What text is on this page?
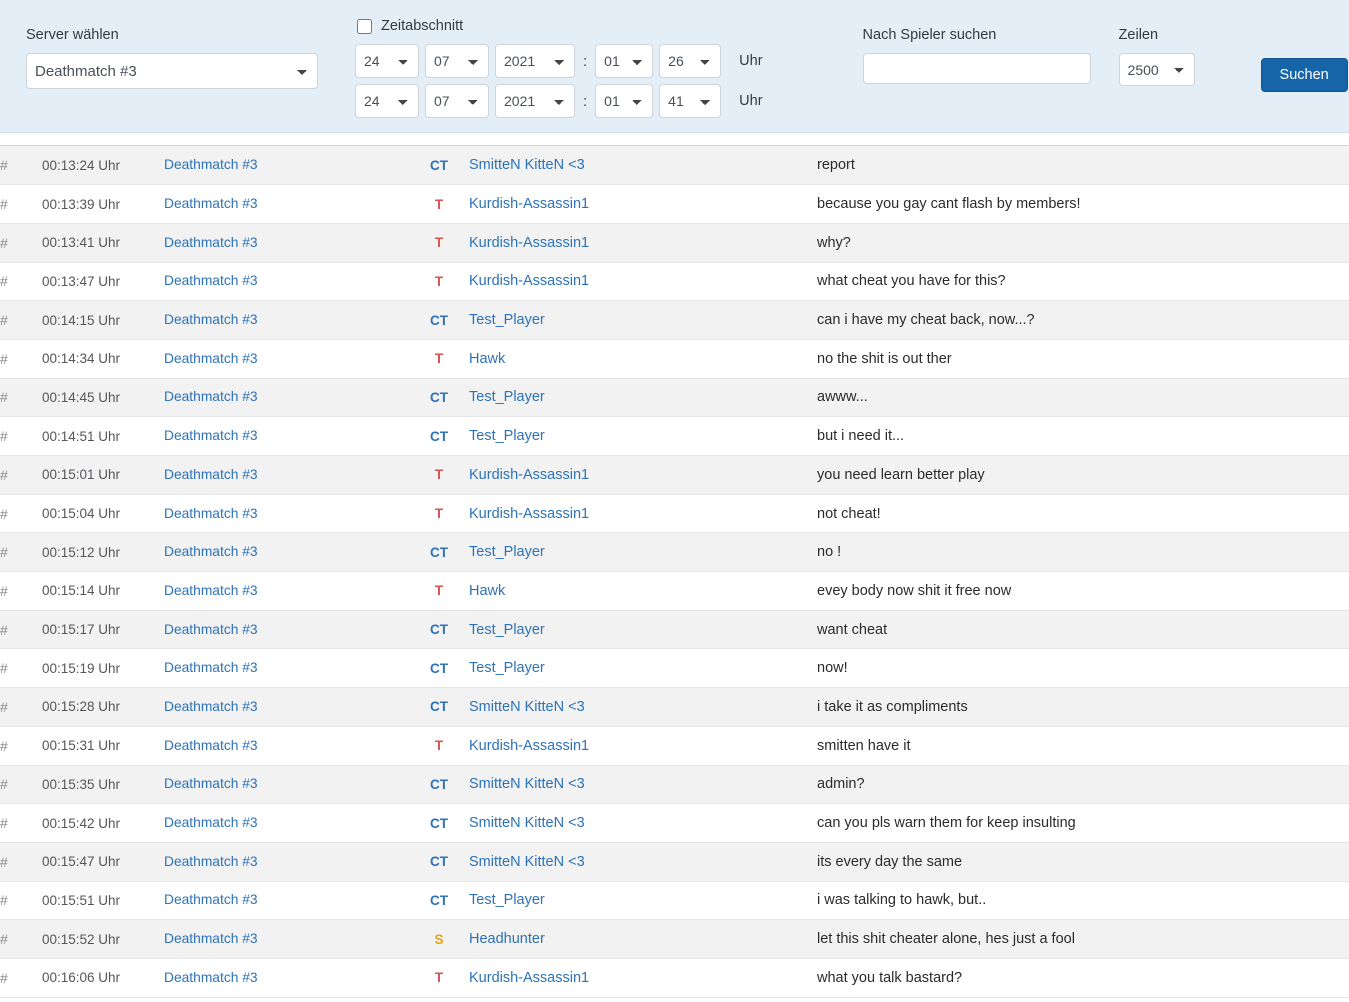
Server wählen
Deathmatch #3
Zeitabschnitt
24
07
2021
:
01
26	Uhr
24
07
2021
:
01
41	Uhr
Nach Spieler suchen	Zeilen
2500
Suchen
#	00:13:24 Uhr	Deathmatch #3	CT	SmitteN KitteN <3	report
#	00:13:39 Uhr	Deathmatch #3	T	Kurdish-Assassin1	because you gay cant flash by members!
#	00:13:41 Uhr	Deathmatch #3	T	Kurdish-Assassin1	why?
#	00:13:47 Uhr	Deathmatch #3	T	Kurdish-Assassin1	what cheat you have for this?
#	00:14:15 Uhr	Deathmatch #3	CT	Test_Player	can i have my cheat back, now...?
#	00:14:34 Uhr	Deathmatch #3	T	Hawk	no the shit is out ther
#	00:14:45 Uhr	Deathmatch #3	CT	Test_Player	awww...
#	00:14:51 Uhr	Deathmatch #3	CT	Test_Player	but i need it...
#	00:15:01 Uhr	Deathmatch #3	T	Kurdish-Assassin1	you need learn better play
#	00:15:04 Uhr	Deathmatch #3	T	Kurdish-Assassin1	not cheat!
#	00:15:12 Uhr	Deathmatch #3	CT	Test_Player	no !
#	00:15:14 Uhr	Deathmatch #3	T	Hawk	evey body now shit it free now
#	00:15:17 Uhr	Deathmatch #3	CT	Test_Player	want cheat
#	00:15:19 Uhr	Deathmatch #3	CT	Test_Player	now!
#	00:15:28 Uhr	Deathmatch #3	CT	SmitteN KitteN <3	i take it as compliments
#	00:15:31 Uhr	Deathmatch #3	T	Kurdish-Assassin1	smitten have it
#	00:15:35 Uhr	Deathmatch #3	CT	SmitteN KitteN <3	admin?
#	00:15:42 Uhr	Deathmatch #3	CT	SmitteN KitteN <3	can you pls warn them for keep insulting
#	00:15:47 Uhr	Deathmatch #3	CT	SmitteN KitteN <3	its every day the same
#	00:15:51 Uhr	Deathmatch #3	CT	Test_Player	i was talking to hawk, but..
#	00:15:52 Uhr	Deathmatch #3	S	Headhunter	let this shit cheater alone, hes just a fool
#	00:16:06 Uhr	Deathmatch #3	T	Kurdish-Assassin1	what you talk bastard?
